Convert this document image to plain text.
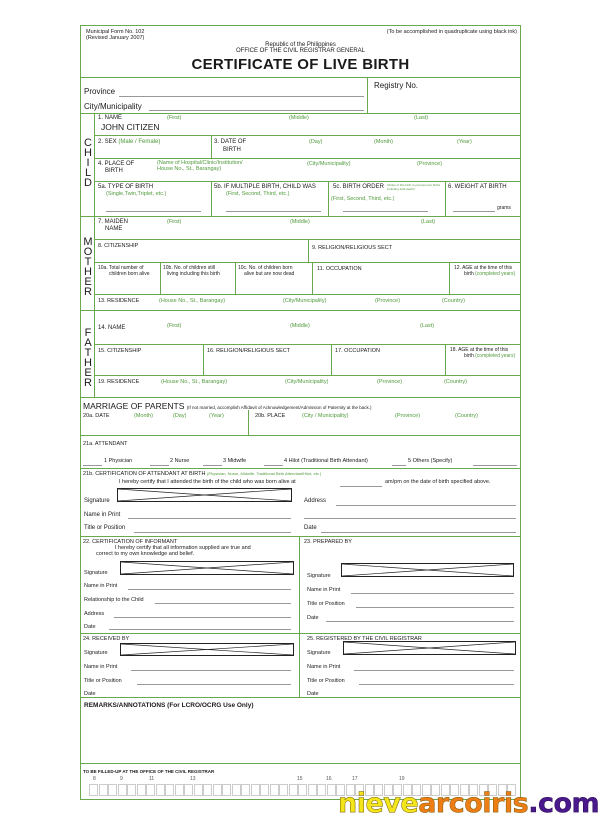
Municipal Form No. 102
(Revised January 2007)
(To be accomplished in quadruplicate using black ink)
Republic of the Philippines
OFFICE OF THE CIVIL REGISTRAR GENERAL
CERTIFICATE OF LIVE BIRTH
Province
City/Municipality
Registry No.
C
H
I
L
D
1. NAME	(First)	(Middle)	(Last)
JOHN CITIZEN
2. SEX (Male / Female)	3. DATE OF
BIRTH
(Day)	(Month)	(Year)
4. PLACE OF
BIRTH
(Name of Hospital/Clinic/Institution/
House No., St., Barangay)
(City/Municipality)	(Province)
5a. TYPE OF BIRTH
(Single,Twin,Triplet, etc.)
5b. IF MULTIPLE BIRTH, CHILD WAS
(First, Second, Third, etc.)
5c. BIRTH ORDER (Order of this birth to previous live births including fetal death)
(First, Second, Third, etc.)
6. WEIGHT AT BIRTH
grams
M
O
T
H
E
R
7. MAIDEN
NAME
(First)	(Middle)	(Last)
8. CITIZENSHIP	9. RELIGION/RELIGIOUS SECT
10a. Total number of
children born alive
10b. No. of children still
living including this birth
10c. No. of children born
alive but are now dead
11. OCCUPATION	12. AGE at the time of this
birth (completed years)
13. RESIDENCE	(House No., St., Barangay)	(City/Municipality)	(Province)	(Country)
F
A
T
H
E
R
14. NAME	(First)	(Middle)	(Last)
15. CITIZENSHIP	16. RELIGION/RELIGIOUS SECT	17. OCCUPATION	18. AGE at the time of this
birth (completed years)
19. RESIDENCE	(House No., St., Barangay)	(City/Municipality)	(Province)	(Country)
MARRIAGE OF PARENTS (If not married, accomplish Affidavit of Acknowledgement/Admission of Paternity at the back.)
20a. DATE	(Month)	(Day)	(Year)	20b. PLACE	(City / Municipality)	(Province)	(Country)
21a. ATTENDANT
1 Physician	2 Nurse	3 Midwife	4 Hilot (Traditional Birth Attendant)	5 Others (Specify)
21b. CERTIFICATION OF ATTENDANT AT BIRTH (Physician, Nurse, Midwife, Traditional Birth Attendant/Hilot, etc.)
I hereby certify that I attended the birth of the child who was born alive at	am/pm on the date of birth specified above.
Signature	Address
Name in Print
Title or Position	Date
22. CERTIFICATION OF INFORMANT
I hereby certify that all information supplied are true and
correct to my own knowledge and belief.
Signature
Name in Print
Relationship to the Child
Address
Date
23. PREPARED BY
Signature
Name in Print
Title or Position
Date
24. RECEIVED BY
Signature
Name in Print
Title or Position
Date
25. REGISTERED BY THE CIVIL REGISTRAR
Signature
Name in Print
Title or Position
Date
REMARKS/ANNOTATIONS (For LCRO/OCRG Use Only)
TO BE FILLED-UP AT THE OFFICE OF THE CIVIL REGISTRAR
8	9	11	13	15	16	17	19
nievearcoiris.com
